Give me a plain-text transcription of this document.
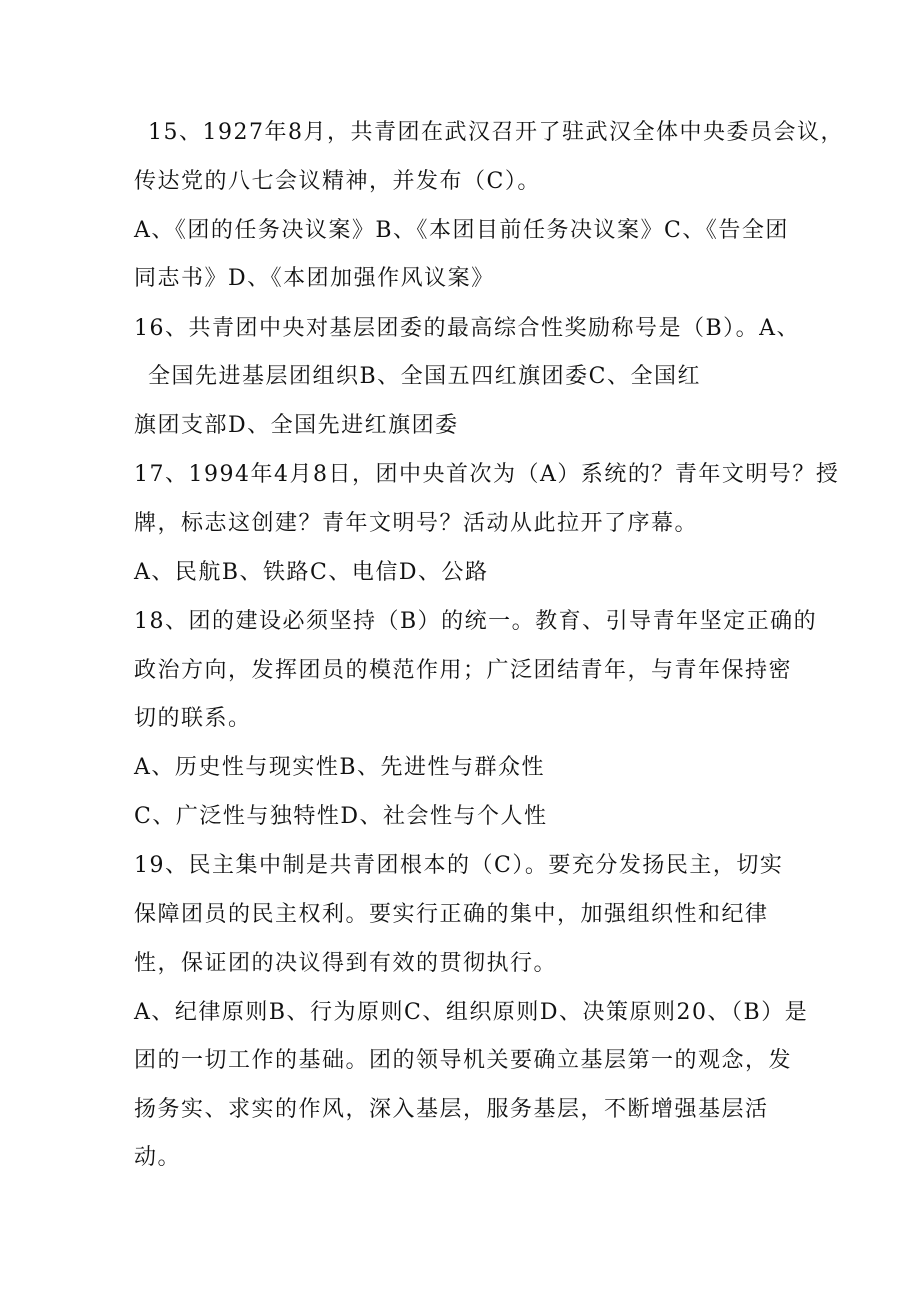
15、1927年8月，共青团在武汉召开了驻武汉全体中央委员会议，
传达党的八七会议精神，并发布（C）。
A、《团的任务决议案》B、《本团目前任务决议案》C、《告全团
同志书》D、《本团加强作风议案》
16、共青团中央对基层团委的最高综合性奖励称号是（B）。A、
全国先进基层团组织B、全国五四红旗团委C、全国红
旗团支部D、全国先进红旗团委
17、1994年4月8日，团中央首次为（A）系统的？青年文明号？授
牌，标志这创建？青年文明号？活动从此拉开了序幕。
A、民航B、铁路C、电信D、公路
18、团的建设必须坚持（B）的统一。教育、引导青年坚定正确的
政治方向，发挥团员的模范作用；广泛团结青年，与青年保持密
切的联系。
A、历史性与现实性B、先进性与群众性
C、广泛性与独特性D、社会性与个人性
19、民主集中制是共青团根本的（C）。要充分发扬民主，切实
保障团员的民主权利。要实行正确的集中，加强组织性和纪律
性，保证团的决议得到有效的贯彻执行。
A、纪律原则B、行为原则C、组织原则D、决策原则20、（B）是
团的一切工作的基础。团的领导机关要确立基层第一的观念，发
扬务实、求实的作风，深入基层，服务基层，不断增强基层活
动。
